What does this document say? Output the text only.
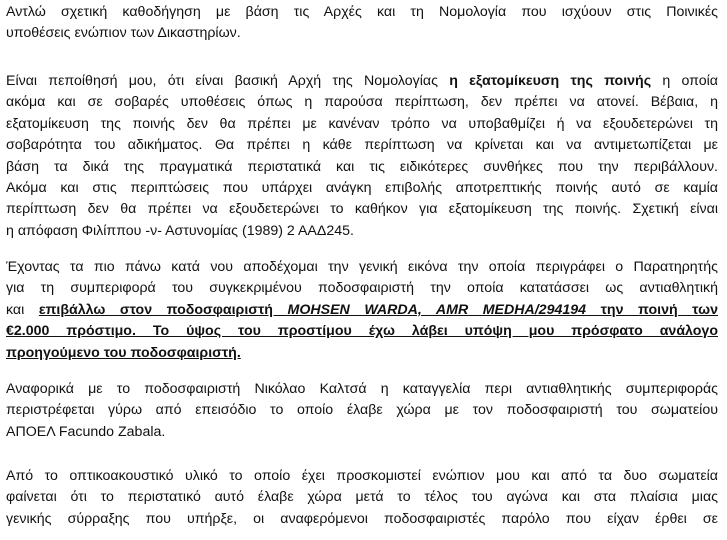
Αντλώ σχετική καθοδήγηση με βάση τις Αρχές και τη Νομολογία που ισχύουν στις Ποινικές
υποθέσεις ενώπιον των Δικαστηρίων.
Είναι πεποίθησή μου, ότι είναι βασική Αρχή της Νομολογίας η εξατομίκευση της ποινής η οποία
ακόμα και σε σοβαρές υποθέσεις όπως η παρούσα περίπτωση, δεν πρέπει να ατονεί. Βέβαια, η
εξατομίκευση της ποινής δεν θα πρέπει με κανέναν τρόπο να υποβαθμίζει ή να εξουδετερώνει τη
σοβαρότητα του αδικήματος. Θα πρέπει η κάθε περίπτωση να κρίνεται και να αντιμετωπίζεται με
βάση τα δικά της πραγματικά περιστατικά και τις ειδικότερες συνθήκες που την περιβάλλουν.
Ακόμα και στις περιπτώσεις που υπάρχει ανάγκη επιβολής αποτρεπτικής ποινής αυτό σε καμία
περίπτωση δεν θα πρέπει να εξουδετερώνει το καθήκον για εξατομίκευση της ποινής. Σχετική είναι
η απόφαση Φιλίππου -ν- Αστυνομίας (1989) 2 ΑΑΔ245.
Έχοντας τα πιο πάνω κατά νου αποδέχομαι την γενική εικόνα την οποία περιγράφει ο Παρατηρητής
για τη συμπεριφορά του συγκεκριμένου ποδοσφαιριστή την οποία κατατάσσει ως αντιαθλητική
και επιβάλλω στον ποδοσφαιριστή MOHSEN WARDA, AMR MEDHA/294194 την ποινή των
€2.000 πρόστιμο. Το ύψος του προστίμου έχω λάβει υπόψη μου πρόσφατο ανάλογο
προηγούμενο του ποδοσφαιριστή.
Αναφορικά με το ποδοσφαιριστή Νικόλαο Καλτσά η καταγγελία περι αντιαθλητικής συμπεριφοράς
περιστρέφεται γύρω από επεισόδιο το οποίο έλαβε χώρα με τον ποδοσφαιριστή του σωματείου
ΑΠΟΕΛ Facundo Zabala.
Από το οπτικοακουστικό υλικό το οποίο έχει προσκομιστεί ενώπιον μου και από τα δυο σωματεία
φαίνεται ότι το περιστατικό αυτό έλαβε χώρα μετά το τέλος του αγώνα και στα πλαίσια μιας
γενικής σύρραξης που υπήρξε, οι αναφερόμενοι ποδοσφαιριστές παρόλο που είχαν έρθει σε
